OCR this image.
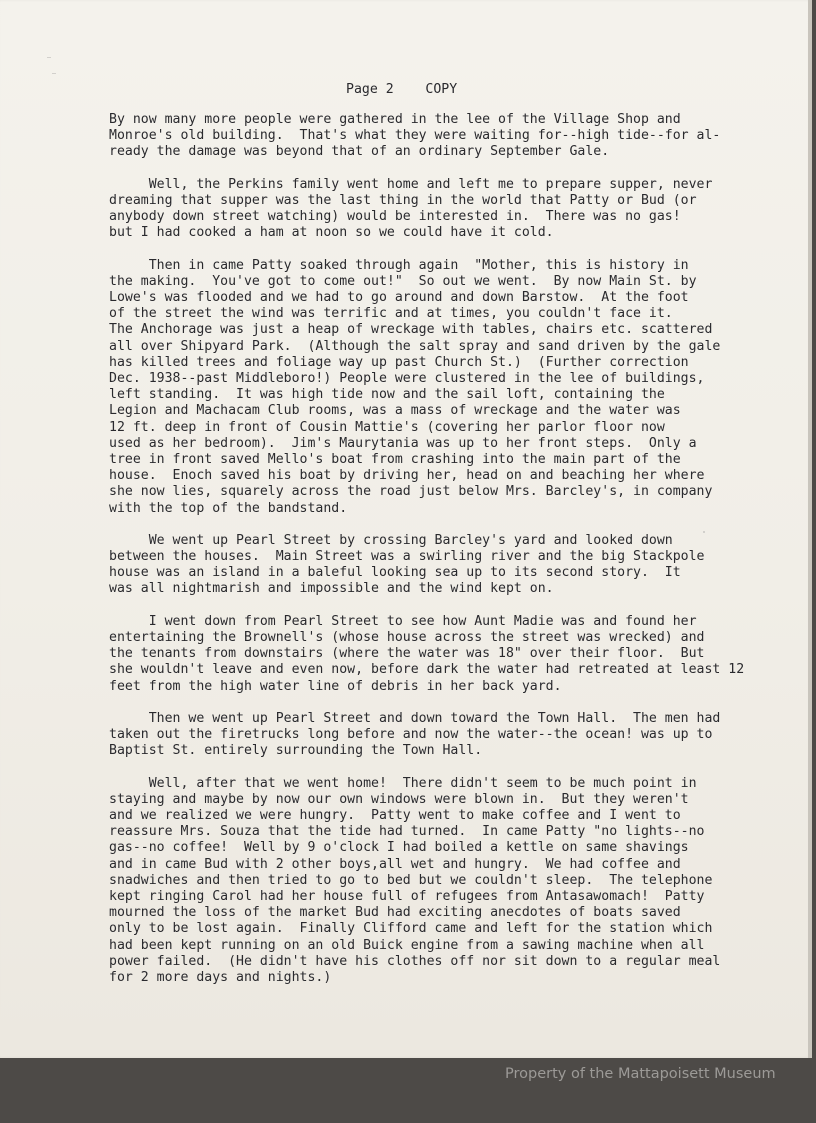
Page 2 COPY
By now many more people were gathered in the lee of the Village Shop and
Monroe's old building.  That's what they were waiting for--high tide--for al-
ready the damage was beyond that of an ordinary September Gale.
Well, the Perkins family went home and left me to prepare supper, never
dreaming that supper was the last thing in the world that Patty or Bud (or
anybody down street watching) would be interested in.  There was no gas!
but I had cooked a ham at noon so we could have it cold.
Then in came Patty soaked through again  "Mother, this is history in
the making.  You've got to come out!"  So out we went.  By now Main St. by
Lowe's was flooded and we had to go around and down Barstow.  At the foot
of the street the wind was terrific and at times, you couldn't face it.
The Anchorage was just a heap of wreckage with tables, chairs etc. scattered
all over Shipyard Park.  (Although the salt spray and sand driven by the gale
has killed trees and foliage way up past Church St.)  (Further correction
Dec. 1938--past Middleboro!) People were clustered in the lee of buildings,
left standing.  It was high tide now and the sail loft, containing the
Legion and Machacam Club rooms, was a mass of wreckage and the water was
12 ft. deep in front of Cousin Mattie's (covering her parlor floor now
used as her bedroom).  Jim's Maurytania was up to her front steps.  Only a
tree in front saved Mello's boat from crashing into the main part of the
house.  Enoch saved his boat by driving her, head on and beaching her where
she now lies, squarely across the road just below Mrs. Barcley's, in company
with the top of the bandstand.
We went up Pearl Street by crossing Barcley's yard and looked down
between the houses.  Main Street was a swirling river and the big Stackpole
house was an island in a baleful looking sea up to its second story.  It
was all nightmarish and impossible and the wind kept on.
I went down from Pearl Street to see how Aunt Madie was and found her
entertaining the Brownell's (whose house across the street was wrecked) and
the tenants from downstairs (where the water was 18" over their floor.  But
she wouldn't leave and even now, before dark the water had retreated at least 12
feet from the high water line of debris in her back yard.
Then we went up Pearl Street and down toward the Town Hall.  The men had
taken out the firetrucks long before and now the water--the ocean! was up to
Baptist St. entirely surrounding the Town Hall.
Well, after that we went home!  There didn't seem to be much point in
staying and maybe by now our own windows were blown in.  But they weren't
and we realized we were hungry.  Patty went to make coffee and I went to
reassure Mrs. Souza that the tide had turned.  In came Patty "no lights--no
gas--no coffee!  Well by 9 o'clock I had boiled a kettle on same shavings
and in came Bud with 2 other boys,all wet and hungry.  We had coffee and
snadwiches and then tried to go to bed but we couldn't sleep.  The telephone
kept ringing Carol had her house full of refugees from Antasawomach!  Patty
mourned the loss of the market Bud had exciting anecdotes of boats saved
only to be lost again.  Finally Clifford came and left for the station which
had been kept running on an old Buick engine from a sawing machine when all
power failed.  (He didn't have his clothes off nor sit down to a regular meal
for 2 more days and nights.)
Property of the Mattapoisett Museum
